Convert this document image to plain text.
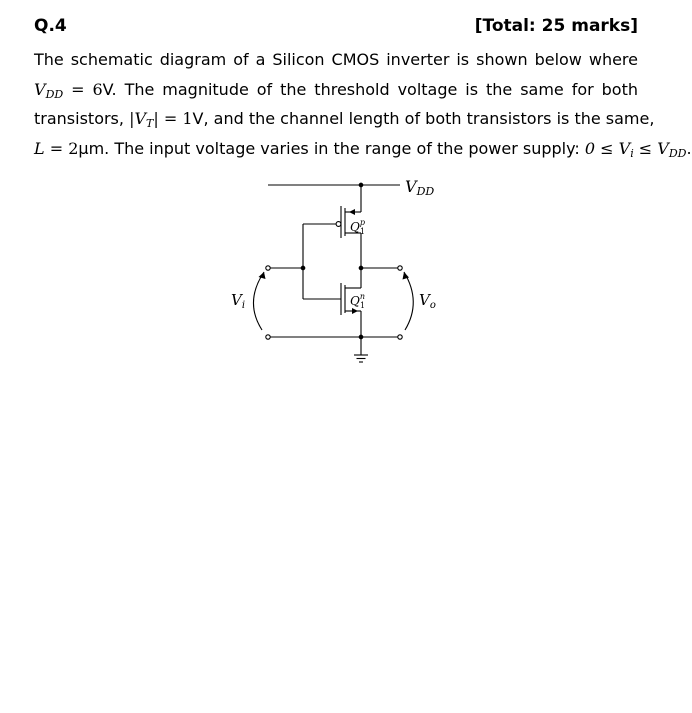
Q.4	[Total: 25 marks]
The schematic diagram of a Silicon CMOS inverter is shown below where
$V_{DD} = 6V$. The magnitude of the threshold voltage is the same for both
transistors, $|V_T| = 1V$, and the channel length of both transistors is the same,
L = 2µm. The input voltage varies in the range of the power supply: $0 \le V_i \le V_{DD}$.
VDD
$Q^p$ 1
$Q^n$ 1
$V_i$	$V_o$
